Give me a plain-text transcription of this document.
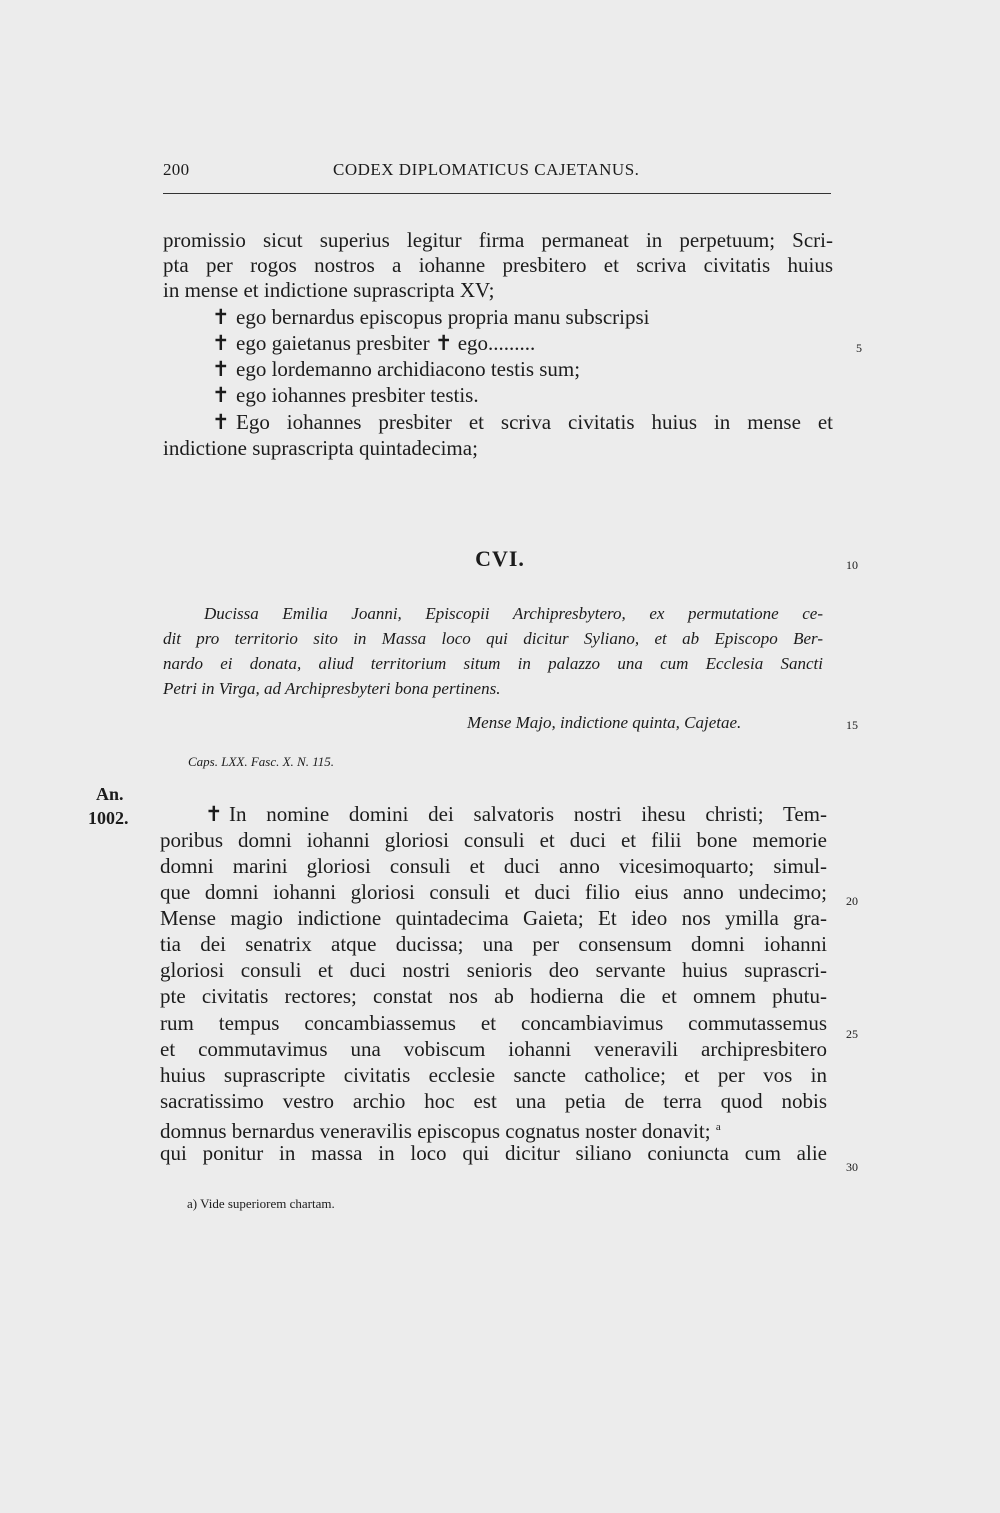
200	CODEX DIPLOMATICUS CAJETANUS.
promissio sicut superius legitur firma permaneat in perpetuum; Scri-
pta per rogos nostros a iohanne presbitero et scriva civitatis huius
in mense et indictione suprascripta XV;
✝ ego bernardus episcopus propria manu subscripsi
✝ ego gaietanus presbiter ✝ ego.........
✝ ego lordemanno archidiacono testis sum;
✝ ego iohannes presbiter testis.
✝ Ego iohannes presbiter et scriva civitatis huius in mense et
indictione suprascripta quintadecima;
5
10
15
20
25
30
CVI.
Ducissa Emilia Joanni, Episcopii Archipresbytero, ex permutatione ce-
dit pro territorio sito in Massa loco qui dicitur Syliano, et ab Episcopo Ber-
nardo ei donata, aliud territorium situm in palazzo una cum Ecclesia Sancti
Petri in Virga, ad Archipresbyteri bona pertinens.
Mense Majo, indictione quinta, Cajetae.
Caps. LXX. Fasc. X. N. 115.
An.
1002.	✝ In nomine domini dei salvatoris nostri ihesu christi; Tem-
poribus domni iohanni gloriosi consuli et duci et filii bone memorie
domni marini gloriosi consuli et duci anno vicesimoquarto; simul-
que domni iohanni gloriosi consuli et duci filio eius anno undecimo;
Mense magio indictione quintadecima Gaieta; Et ideo nos ymilla gra-
tia dei senatrix atque ducissa; una per consensum domni iohanni
gloriosi consuli et duci nostri senioris deo servante huius suprascri-
pte civitatis rectores; constat nos ab hodierna die et omnem phutu-
rum tempus concambiassemus et concambiavimus commutassemus
et commutavimus una vobiscum iohanni veneravili archipresbitero
huius suprascripte civitatis ecclesie sancte catholice; et per vos in
sacratissimo vestro archio hoc est una petia de terra quod nobis
domnus bernardus veneravilis episcopus cognatus noster donavit; $^a$
qui ponitur in massa in loco qui dicitur siliano coniuncta cum alie
a) Vide superiorem chartam.
